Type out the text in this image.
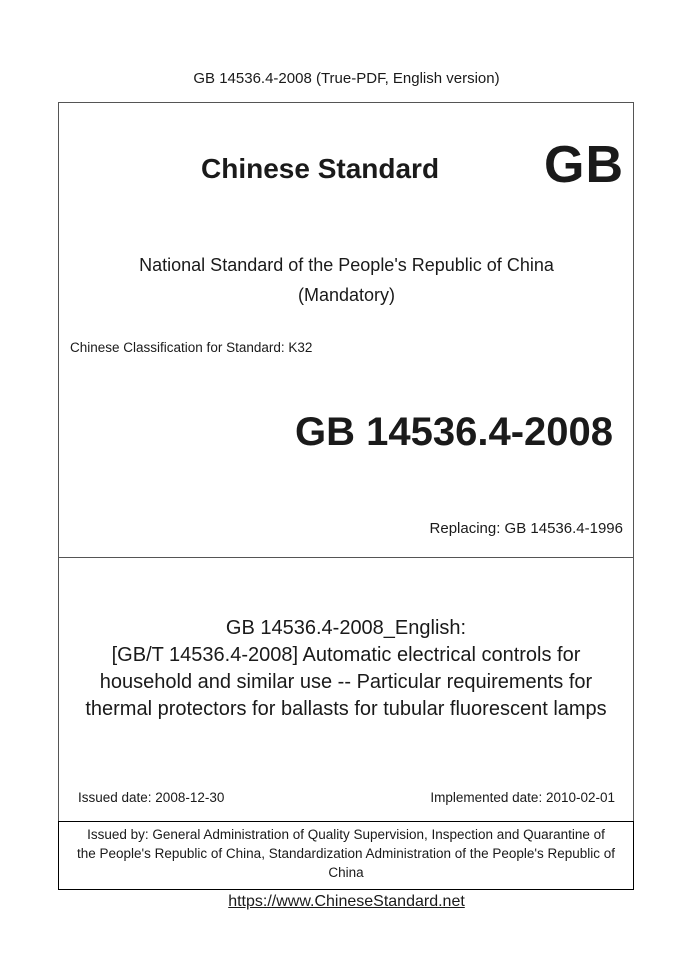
GB 14536.4-2008 (True-PDF, English version)
Chinese Standard GB
National Standard of the People's Republic of China
(Mandatory)
Chinese Classification for Standard: K32
GB 14536.4-2008
Replacing: GB 14536.4-1996
GB 14536.4-2008_English:
[GB/T 14536.4-2008] Automatic electrical controls for
household and similar use -- Particular requirements for
thermal protectors for ballasts for tubular fluorescent lamps
Issued date: 2008-12-30	Implemented date: 2010-02-01
Issued by: General Administration of Quality Supervision, Inspection and Quarantine of
the People's Republic of China, Standardization Administration of the People's Republic of
China
https://www.ChineseStandard.net
